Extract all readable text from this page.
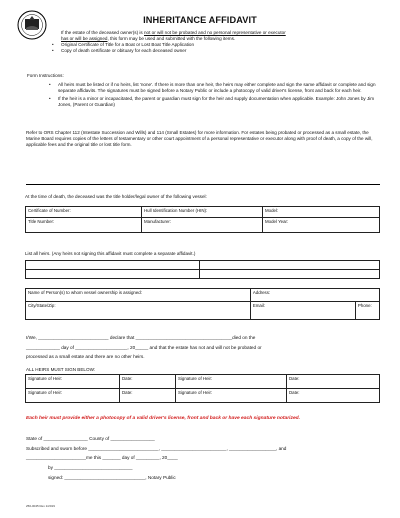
INHERITANCE AFFIDAVIT
If the estate of the deceased owner(s) is not or will not be probated and no personal representative or executor
has or will be assigned, this form may be used and submitted with the following items.
• Original Certificate of Title for a Boat or Lost Boat Title Application
• Copy of death certificate or obituary for each deceased owner
Form Instructions:
• All heirs must be listed or if no heirs, list 'none'. If there is more than one heir, the heirs may either complete and sign the same affidavit or complete and sign separate affidavits. The signatures must be signed before a Notary Public or include a photocopy of valid driver's license, front and back for each heir.
• If the heir is a minor or incapacitated, the parent or guardian must sign for the heir and supply documentation when applicable. Example: John Jones by Jim Jones, (Parent or Guardian)
Refer to ORS Chapter 112 (Intestate Succession and Wills) and 114 (Small Estates) for more information. For estates being probated or processed as a small estate, the Marine Board requires copies of the letters of testamentary or other court appointment of a personal representative or executor along with proof of death, a copy of the will, applicable fees and the original title or lost title form.
At the time of death, the deceased was the title holder/legal owner of the following vessel:
Certificate of Number:	Hull Identification Number (HIN):	Model:
Title Number:	Manufacturer:	Model Year:
List all heirs. (Any heirs not signing this affidavit must complete a separate affidavit.)

Name of Person(s) to whom vessel ownership is assigned:	Address:	
City/State/Zip:	Email:	Phone:
I/We, ___________________________ declare that _____________________________________died on the
_____________ day of ____________________, 20_____ and that the estate has not and will not be probated or
processed as a small estate and there are no other heirs.
ALL HEIRS MUST SIGN BELOW:
Signature of Heir:	Date:	Signature of Heir:	Date:
Signature of Heir:	Date:	Signature of Heir:	Date:
Each heir must provide either a photocopy of a valid driver's license, front and back or have each signature notarized.
State of _________________ County of _________________
Subscribed and sworn before ___________________________, _________________________, __________________, and
_______________________me this _______ day of _________, 20____
by ______________________________
signed: _______________________________, Notary Public
250-0045 Rev 1/2019
